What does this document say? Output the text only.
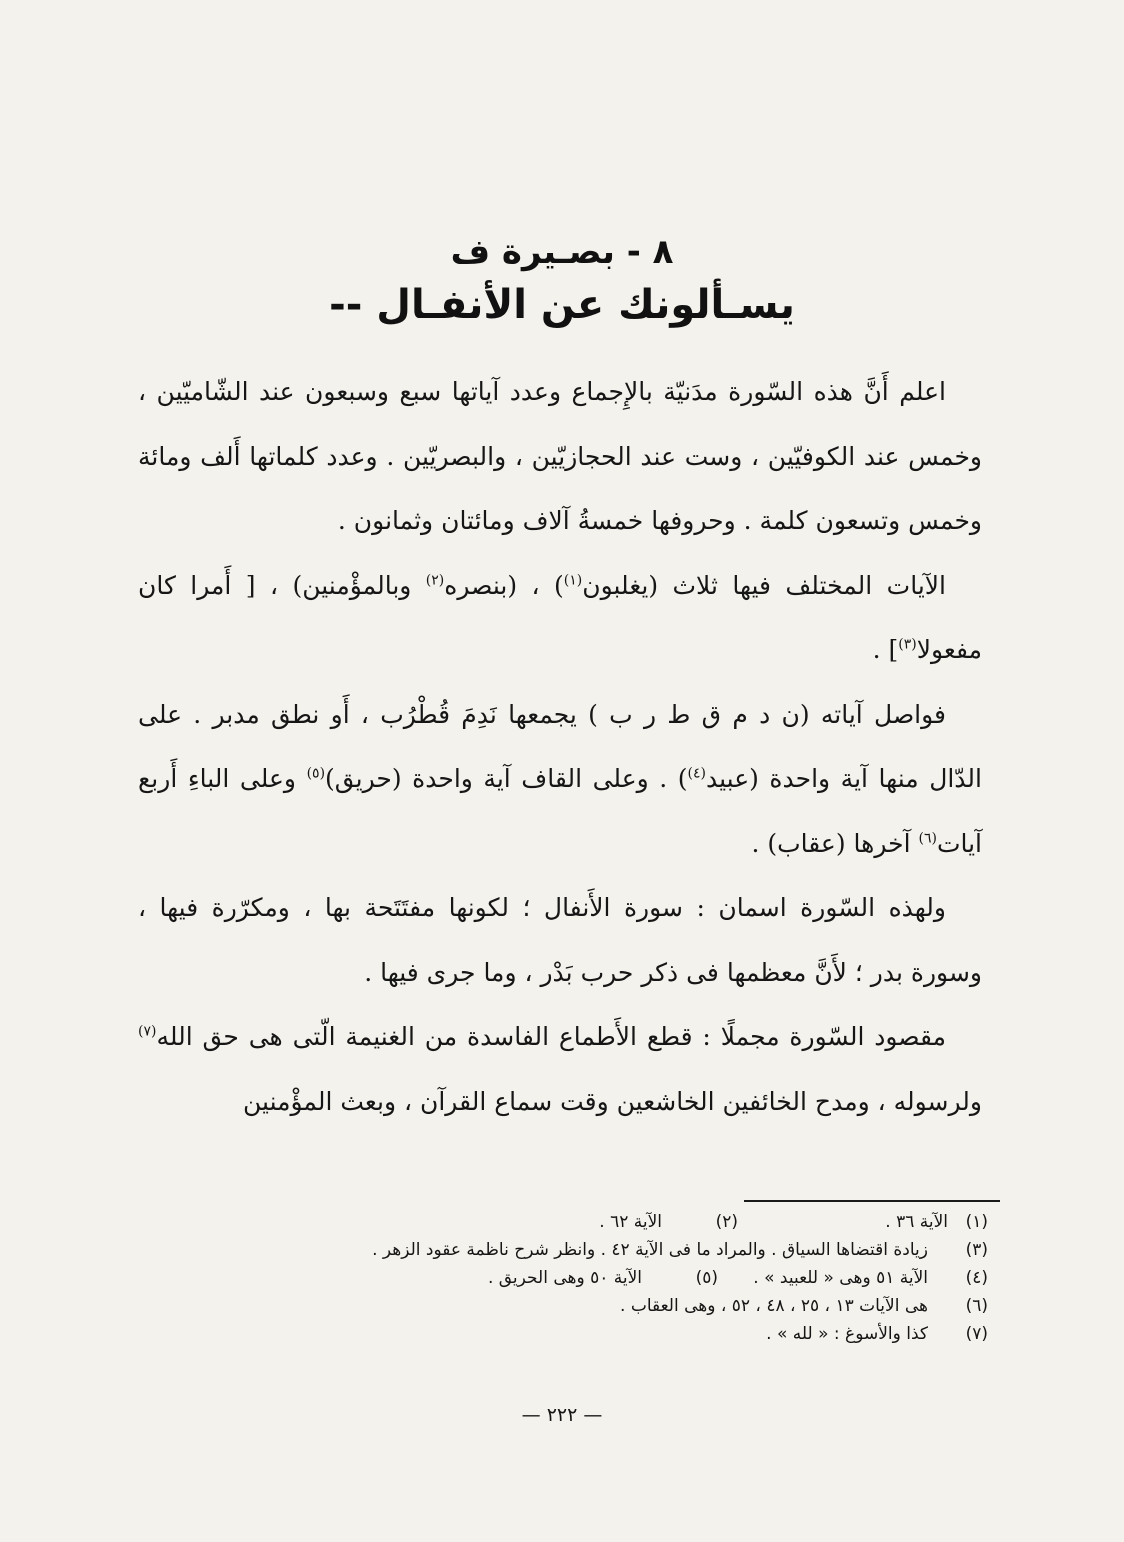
٨ - بصـيرة ف
يسـألونك عن الأنفـال --

اعلم أَنَّ هذه السّورة مدَنيّة بالإِجماع وعدد آياتها سبع وسبعون عند الشّاميّين ، وخمس عند الكوفيّين ، وست عند الحجازيّين ، والبصريّين . وعدد كلماتها أَلف ومائة وخمس وتسعون كلمة . وحروفها خمسةُ آلاف ومائتان وثمانون .

الآيات المختلف فيها ثلاث (يغلبون$^{(١)}$) ، (بنصره$^{(٢)}$ وبالمؤْمنين) ، [ أَمرا كان مفعولا$^{(٣)}$] .

فواصل آياته (ن د م ق ط ر ب ) يجمعها نَدِمَ قُطْرُب ، أَو نطق مدبر . على الدّال منها آية واحدة (عبيد$^{(٤)}$) . وعلى القاف آية واحدة (حريق)$^{(٥)}$ وعلى الباءِ أَربع آيات$^{(٦)}$ آخرها (عقاب) .

ولهذه السّورة اسمان : سورة الأَنفال ؛ لكونها مفتَتَحة بها ، ومكرّرة فيها ، وسورة بدر ؛ لأَنَّ معظمها فى ذكر حرب بَدْر ، وما جرى فيها .

مقصود السّورة مجملًا : قطع الأَطماع الفاسدة من الغنيمة الّتى هى حق الله$^{(٧)}$ ولرسوله ، ومدح الخائفين الخاشعين وقت سماع القرآن ، وبعث المؤْمنين

(١)
الآية ٣٦ .
(٢)
الآية ٦٢ .
(٣)
زيادة اقتضاها السياق . والمراد ما فى الآية ٤٢ . وانظر شرح ناظمة عقود الزهر .
(٤)
الآية ٥١ وهى « للعبيد » .
(٥)
الآية ٥٠ وهى الحريق .
(٦)
هى الآيات ١٣ ، ٢٥ ، ٤٨ ، ٥٢ ، وهى العقاب .
(٧)
كذا والأسوغ : « لله » .
— ٢٢٢ —
